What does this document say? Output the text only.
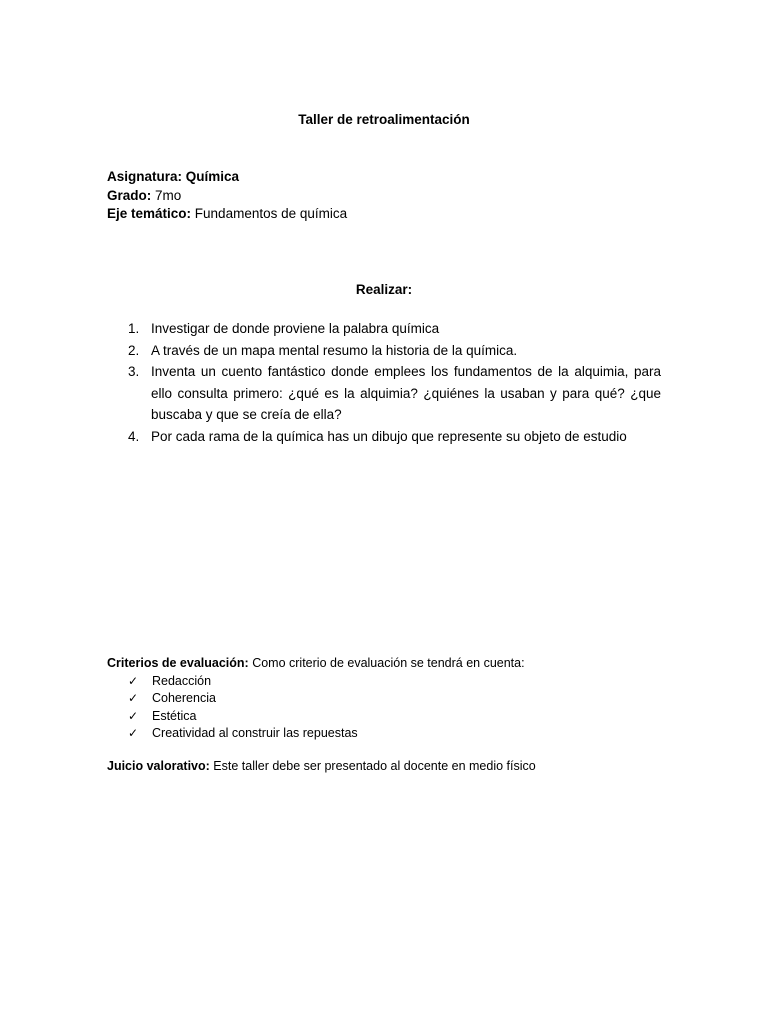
Taller de retroalimentación
Asignatura: Química
Grado: 7mo
Eje temático: Fundamentos de química
Realizar:
1. Investigar de donde proviene la palabra química
2. A través de un mapa mental resumo la historia de la química.
3. Inventa un cuento fantástico donde emplees los fundamentos de la alquimia, para ello consulta primero: ¿qué es la alquimia? ¿quiénes la usaban y para qué? ¿que buscaba y que se creía de ella?
4. Por cada rama de la química has un dibujo que represente su objeto de estudio
Criterios de evaluación: Como criterio de evaluación se tendrá en cuenta:
✓ Redacción
✓ Coherencia
✓ Estética
✓ Creatividad al construir las repuestas
Juicio valorativo: Este taller debe ser presentado al docente en medio físico
